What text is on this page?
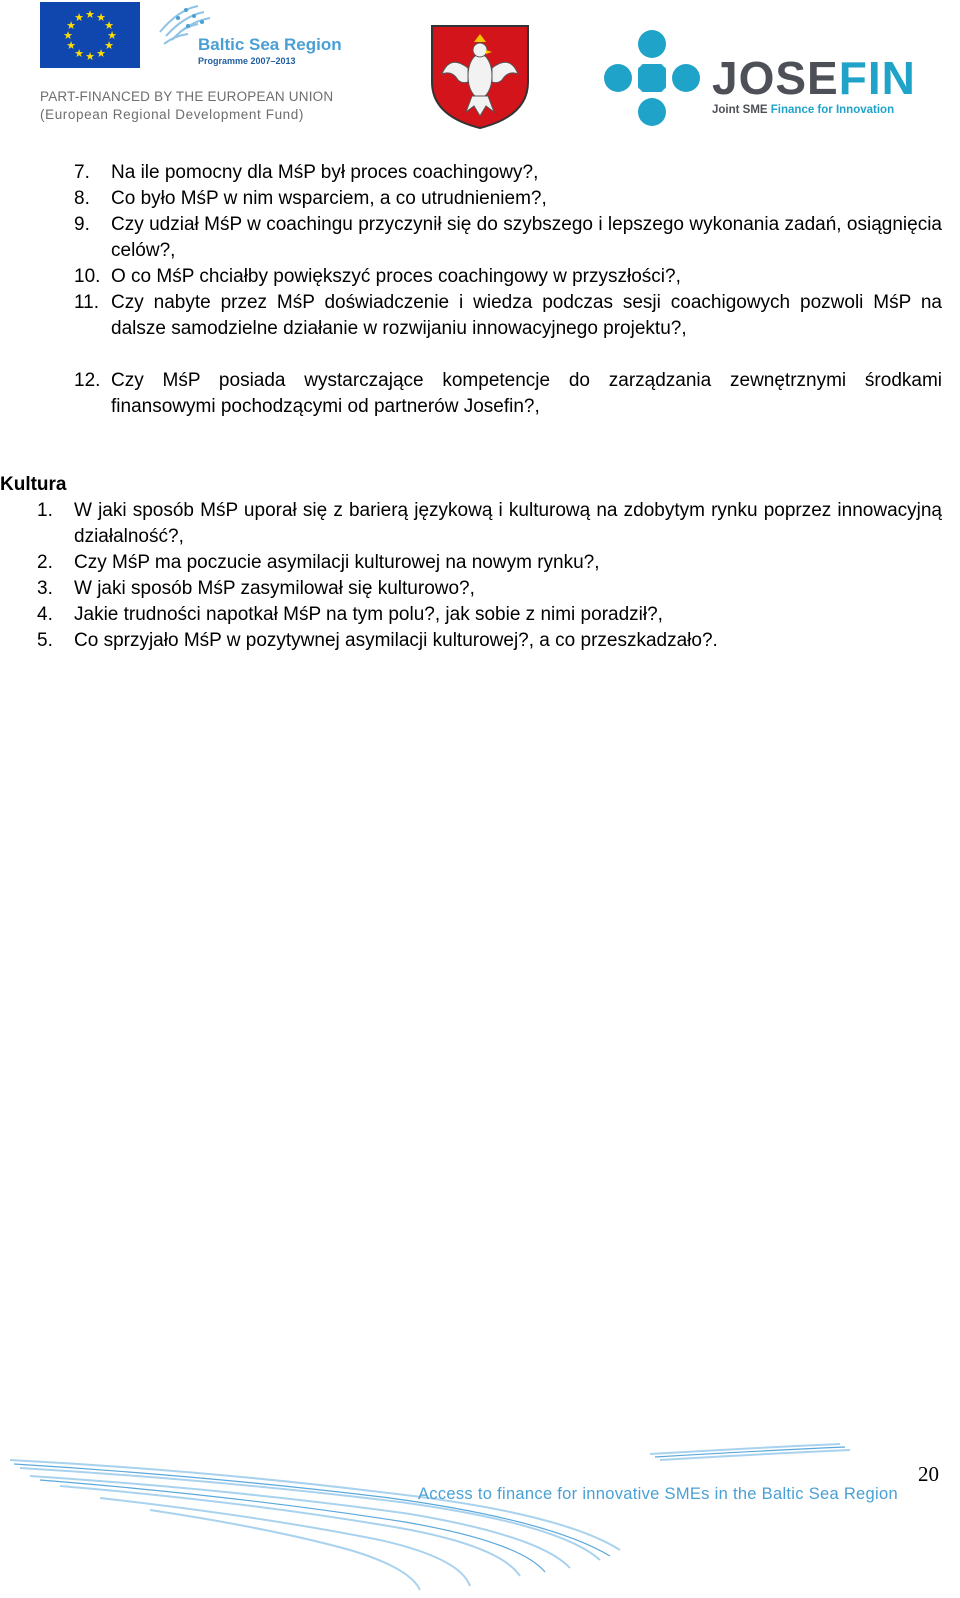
★ ★
★
★
★
★
★
★
★
★
★
★
Baltic Sea Region
Programme 2007–2013
PART-FINANCED BY THE EUROPEAN UNION
(European Regional Development Fund)
JOSEFIN
Joint SME Finance for Innovation
7. Na ile pomocny dla MśP był proces coachingowy?,
8. Co było MśP w nim wsparciem, a co utrudnieniem?,
9. Czy udział MśP w coachingu przyczynił się do szybszego i lepszego wykonania zadań, osiągnięcia celów?,
10. O co MśP chciałby powiększyć proces coachingowy w przyszłości?,
11. Czy nabyte przez MśP doświadczenie i wiedza podczas sesji coachigowych pozwoli MśP na dalsze samodzielne działanie w rozwijaniu innowacyjnego projektu?,
12. Czy MśP posiada wystarczające kompetencje do zarządzania zewnętrznymi środkami finansowymi pochodzącymi od partnerów Josefin?,
Kultura
1. W jaki sposób MśP uporał się z barierą językową i kulturową na zdobytym rynku poprzez innowacyjną działalność?,
2. Czy MśP ma poczucie asymilacji kulturowej na nowym rynku?,
3. W jaki sposób MśP zasymilował się kulturowo?,
4. Jakie trudności napotkał MśP na tym polu?, jak sobie z nimi poradził?,
5. Co sprzyjało MśP w pozytywnej asymilacji kulturowej?, a co przeszkadzało?.
Access to finance for innovative SMEs in the Baltic Sea Region
20
